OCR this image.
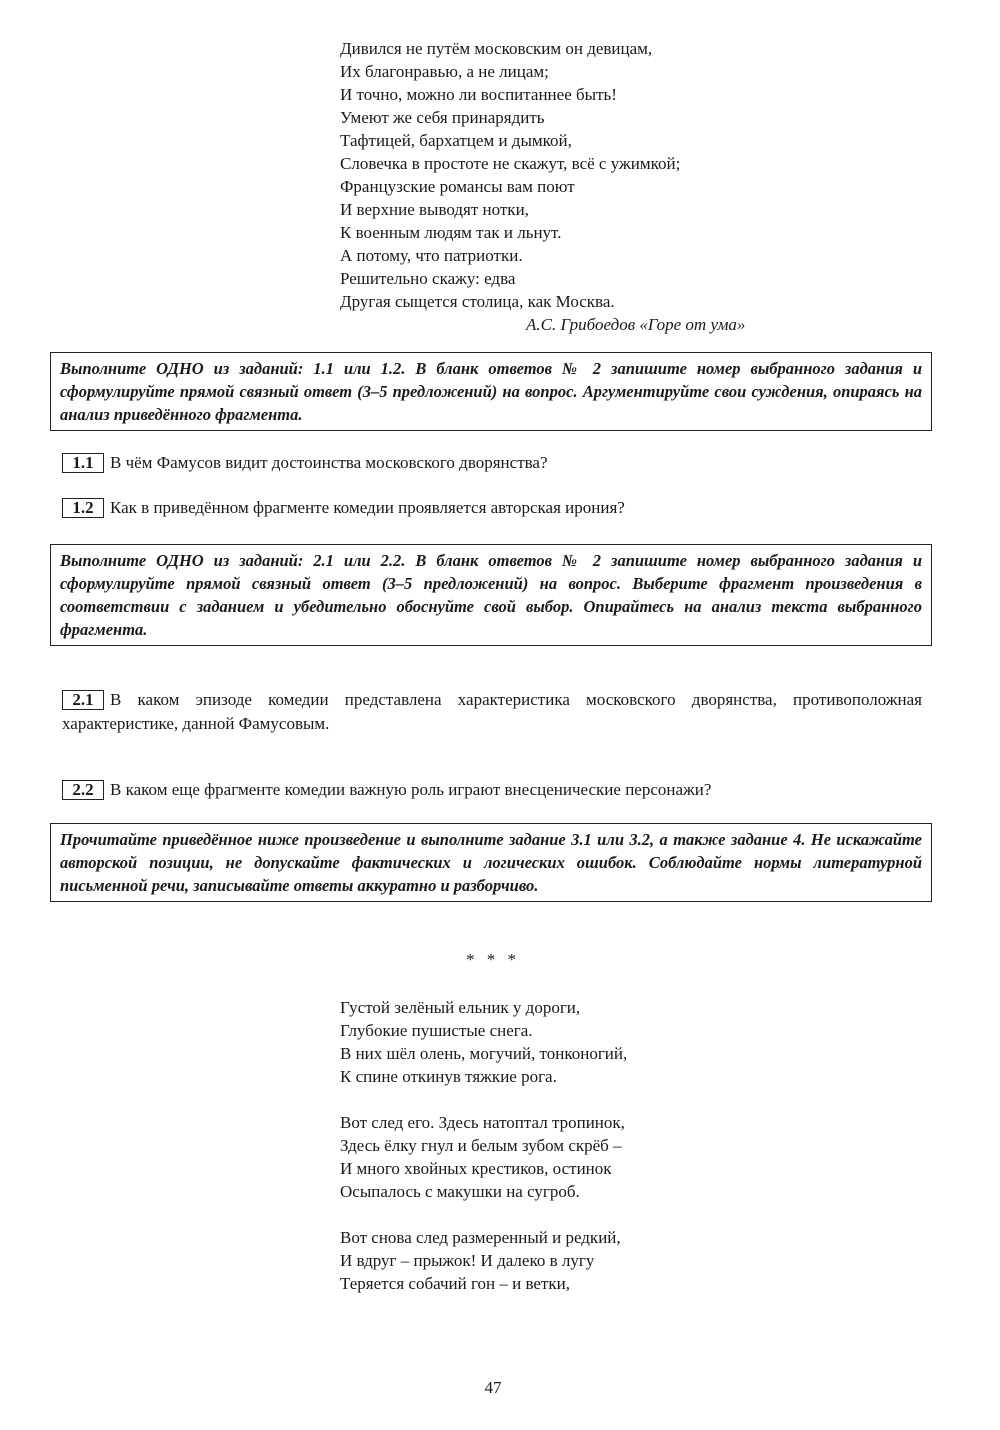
Дивился не путём московским он девицам,
Их благонравью, а не лицам;
И точно, можно ли воспитаннее быть!
Умеют же себя принарядить
Тафтицей, бархатцем и дымкой,
Словечка в простоте не скажут, всё с ужимкой;
Французские романсы вам поют
И верхние выводят нотки,
К военным людям так и льнут.
А потому, что патриотки.
Решительно скажу: едва
Другая сыщется столица, как Москва.
А.С. Грибоедов «Горе от ума»
Выполните ОДНО из заданий: 1.1 или 1.2. В бланк ответов № 2 запишите номер выбранного задания и сформулируйте прямой связный ответ (3–5 предложений) на вопрос. Аргументируйте свои суждения, опираясь на анализ приведённого фрагмента.
1.1 В чём Фамусов видит достоинства московского дворянства?
1.2 Как в приведённом фрагменте комедии проявляется авторская ирония?
Выполните ОДНО из заданий: 2.1 или 2.2. В бланк ответов № 2 запишите номер выбранного задания и сформулируйте прямой связный ответ (3–5 предложений) на вопрос. Выберите фрагмент произведения в соответствии с заданием и убедительно обоснуйте свой выбор. Опирайтесь на анализ текста выбранного фрагмента.
2.1 В каком эпизоде комедии представлена характеристика московского дворянства, противоположная характеристике, данной Фамусовым.
2.2 В каком еще фрагменте комедии важную роль играют внесценические персонажи?
Прочитайте приведённое ниже произведение и выполните задание 3.1 или 3.2, а также задание 4. Не искажайте авторской позиции, не допускайте фактических и логических ошибок. Соблюдайте нормы литературной письменной речи, записывайте ответы аккуратно и разборчиво.
* * *
Густой зелёный ельник у дороги,
Глубокие пушистые снега.
В них шёл олень, могучий, тонконогий,
К спине откинув тяжкие рога.
Вот след его. Здесь натоптал тропинок,
Здесь ёлку гнул и белым зубом скрёб –
И много хвойных крестиков, остинок
Осыпалось с макушки на сугроб.
Вот снова след размеренный и редкий,
И вдруг – прыжок! И далеко в лугу
Теряется собачий гон – и ветки,
47
